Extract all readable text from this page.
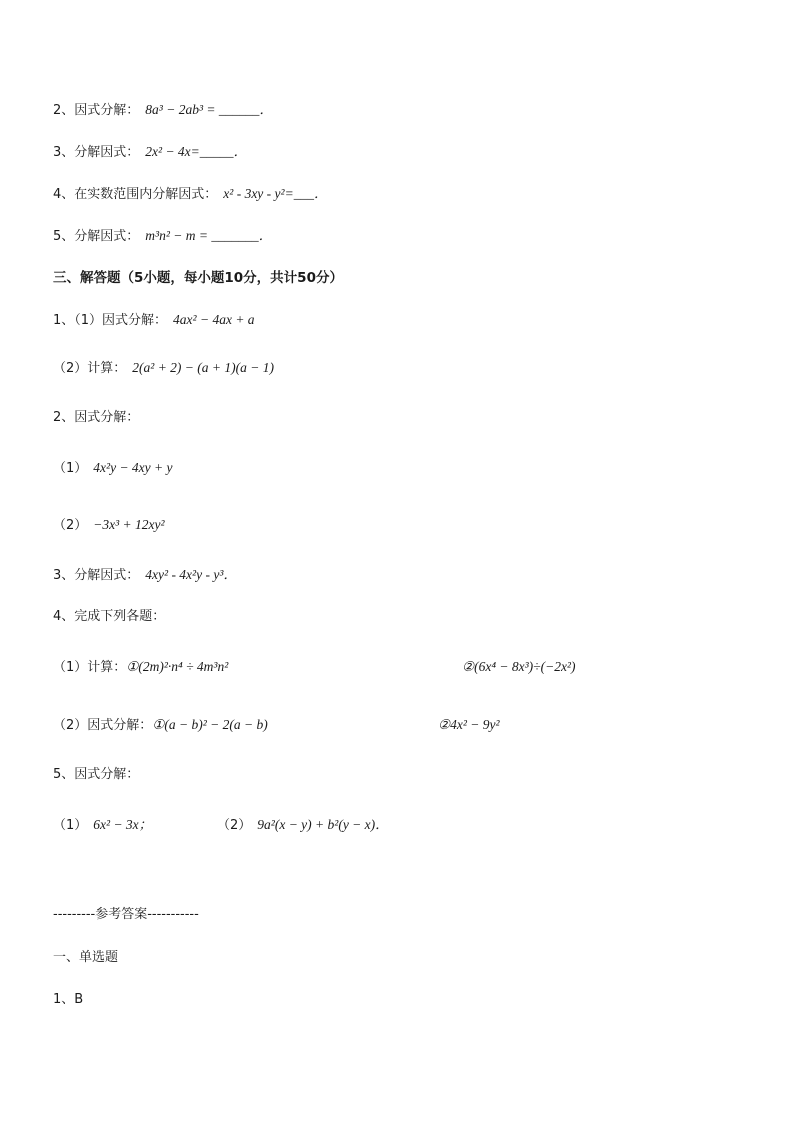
2、因式分解： 8a³ − 2ab³ = ______．
3、分解因式： 2x² − 4x=_____．
4、在实数范围内分解因式： x² - 3xy - y²=___．
5、分解因式： m³n² − m = _______．
三、解答题（5小题，每小题10分，共计50分）
1、（1）因式分解： 4ax² − 4ax + a
（2）计算： 2(a² + 2) − (a + 1)(a − 1)
2、因式分解：
（1） 4x²y − 4xy + y
（2） −3x³ + 12xy²
3、分解因式： 4xy² - 4x²y - y³．
4、完成下列各题：
（1）计算：①(2m)²·n⁴ ÷ 4m³n²	②(6x⁴ − 8x³)÷(−2x²)
（2）因式分解：①(a − b)² − 2(a − b)	②4x² − 9y²
5、因式分解：
（1） 6x² − 3x；	（2） 9a²(x − y) + b²(y − x)．
---------参考答案-----------
一、单选题
1、B
